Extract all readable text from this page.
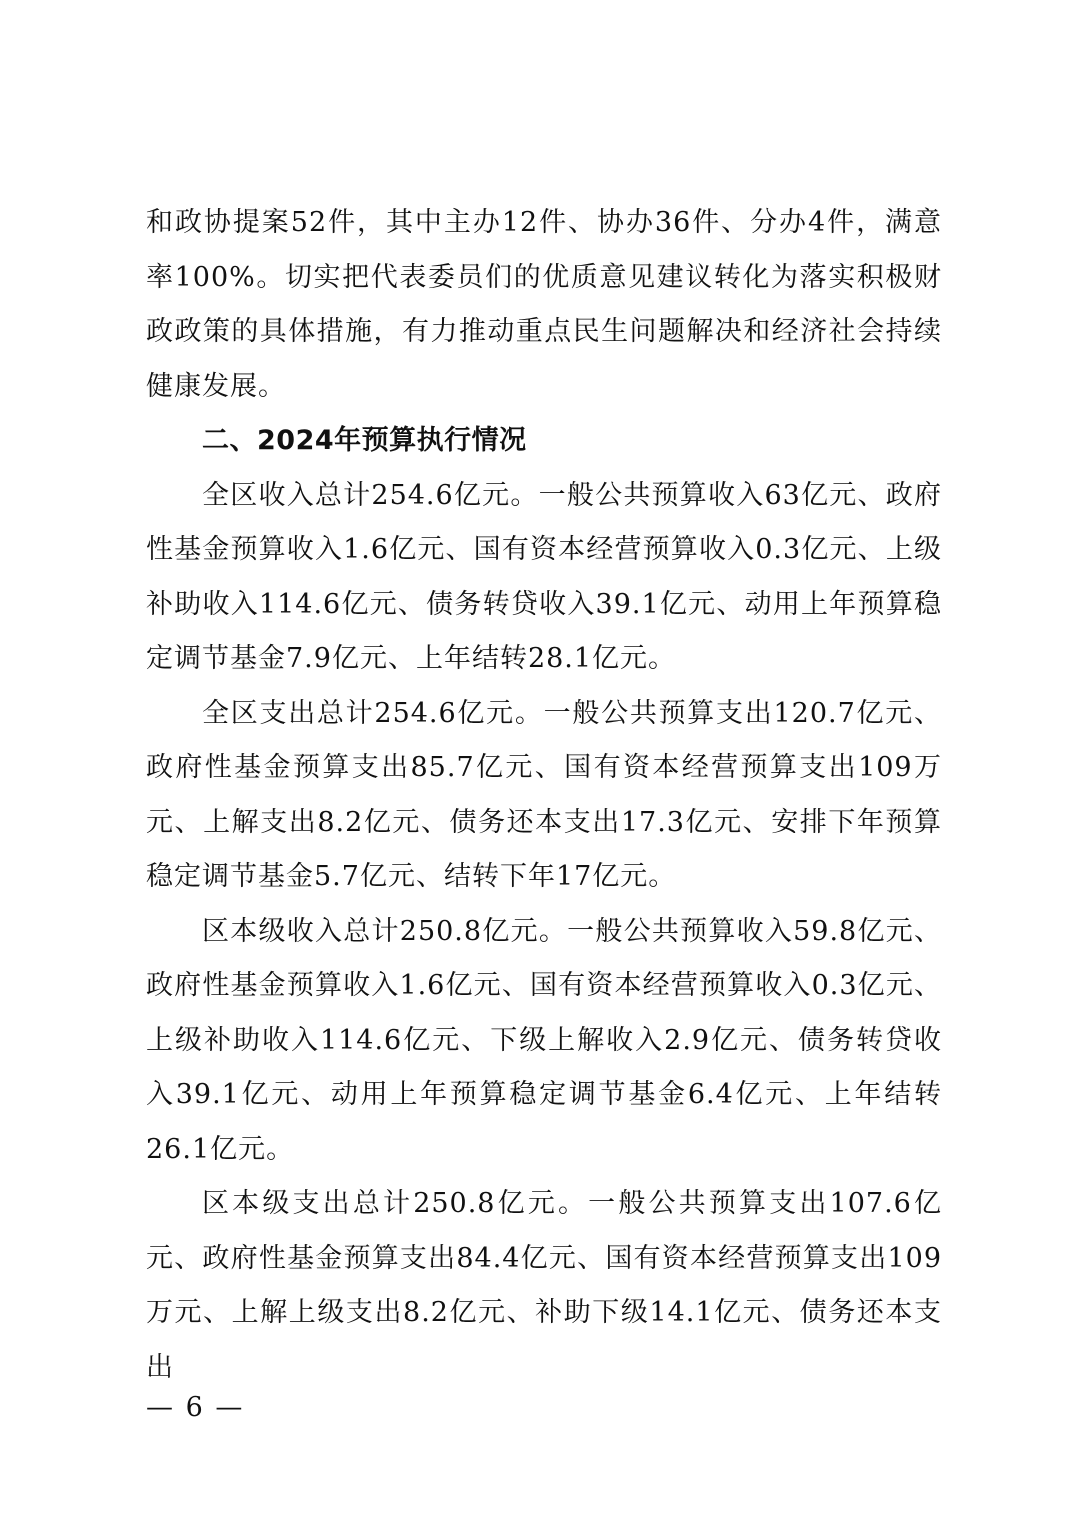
和政协提案52件，其中主办12件、协办36件、分办4件，满意率100%。切实把代表委员们的优质意见建议转化为落实积极财政政策的具体措施，有力推动重点民生问题解决和经济社会持续健康发展。

二、2024年预算执行情况

全区收入总计254.6亿元。一般公共预算收入63亿元、政府性基金预算收入1.6亿元、国有资本经营预算收入0.3亿元、上级补助收入114.6亿元、债务转贷收入39.1亿元、动用上年预算稳定调节基金7.9亿元、上年结转28.1亿元。

全区支出总计254.6亿元。一般公共预算支出120.7亿元、政府性基金预算支出85.7亿元、国有资本经营预算支出109万元、上解支出8.2亿元、债务还本支出17.3亿元、安排下年预算稳定调节基金5.7亿元、结转下年17亿元。

区本级收入总计250.8亿元。一般公共预算收入59.8亿元、政府性基金预算收入1.6亿元、国有资本经营预算收入0.3亿元、上级补助收入114.6亿元、下级上解收入2.9亿元、债务转贷收入39.1亿元、动用上年预算稳定调节基金6.4亿元、上年结转26.1亿元。

区本级支出总计250.8亿元。一般公共预算支出107.6亿元、政府性基金预算支出84.4亿元、国有资本经营预算支出109万元、上解上级支出8.2亿元、补助下级14.1亿元、债务还本支出

— 6 —
